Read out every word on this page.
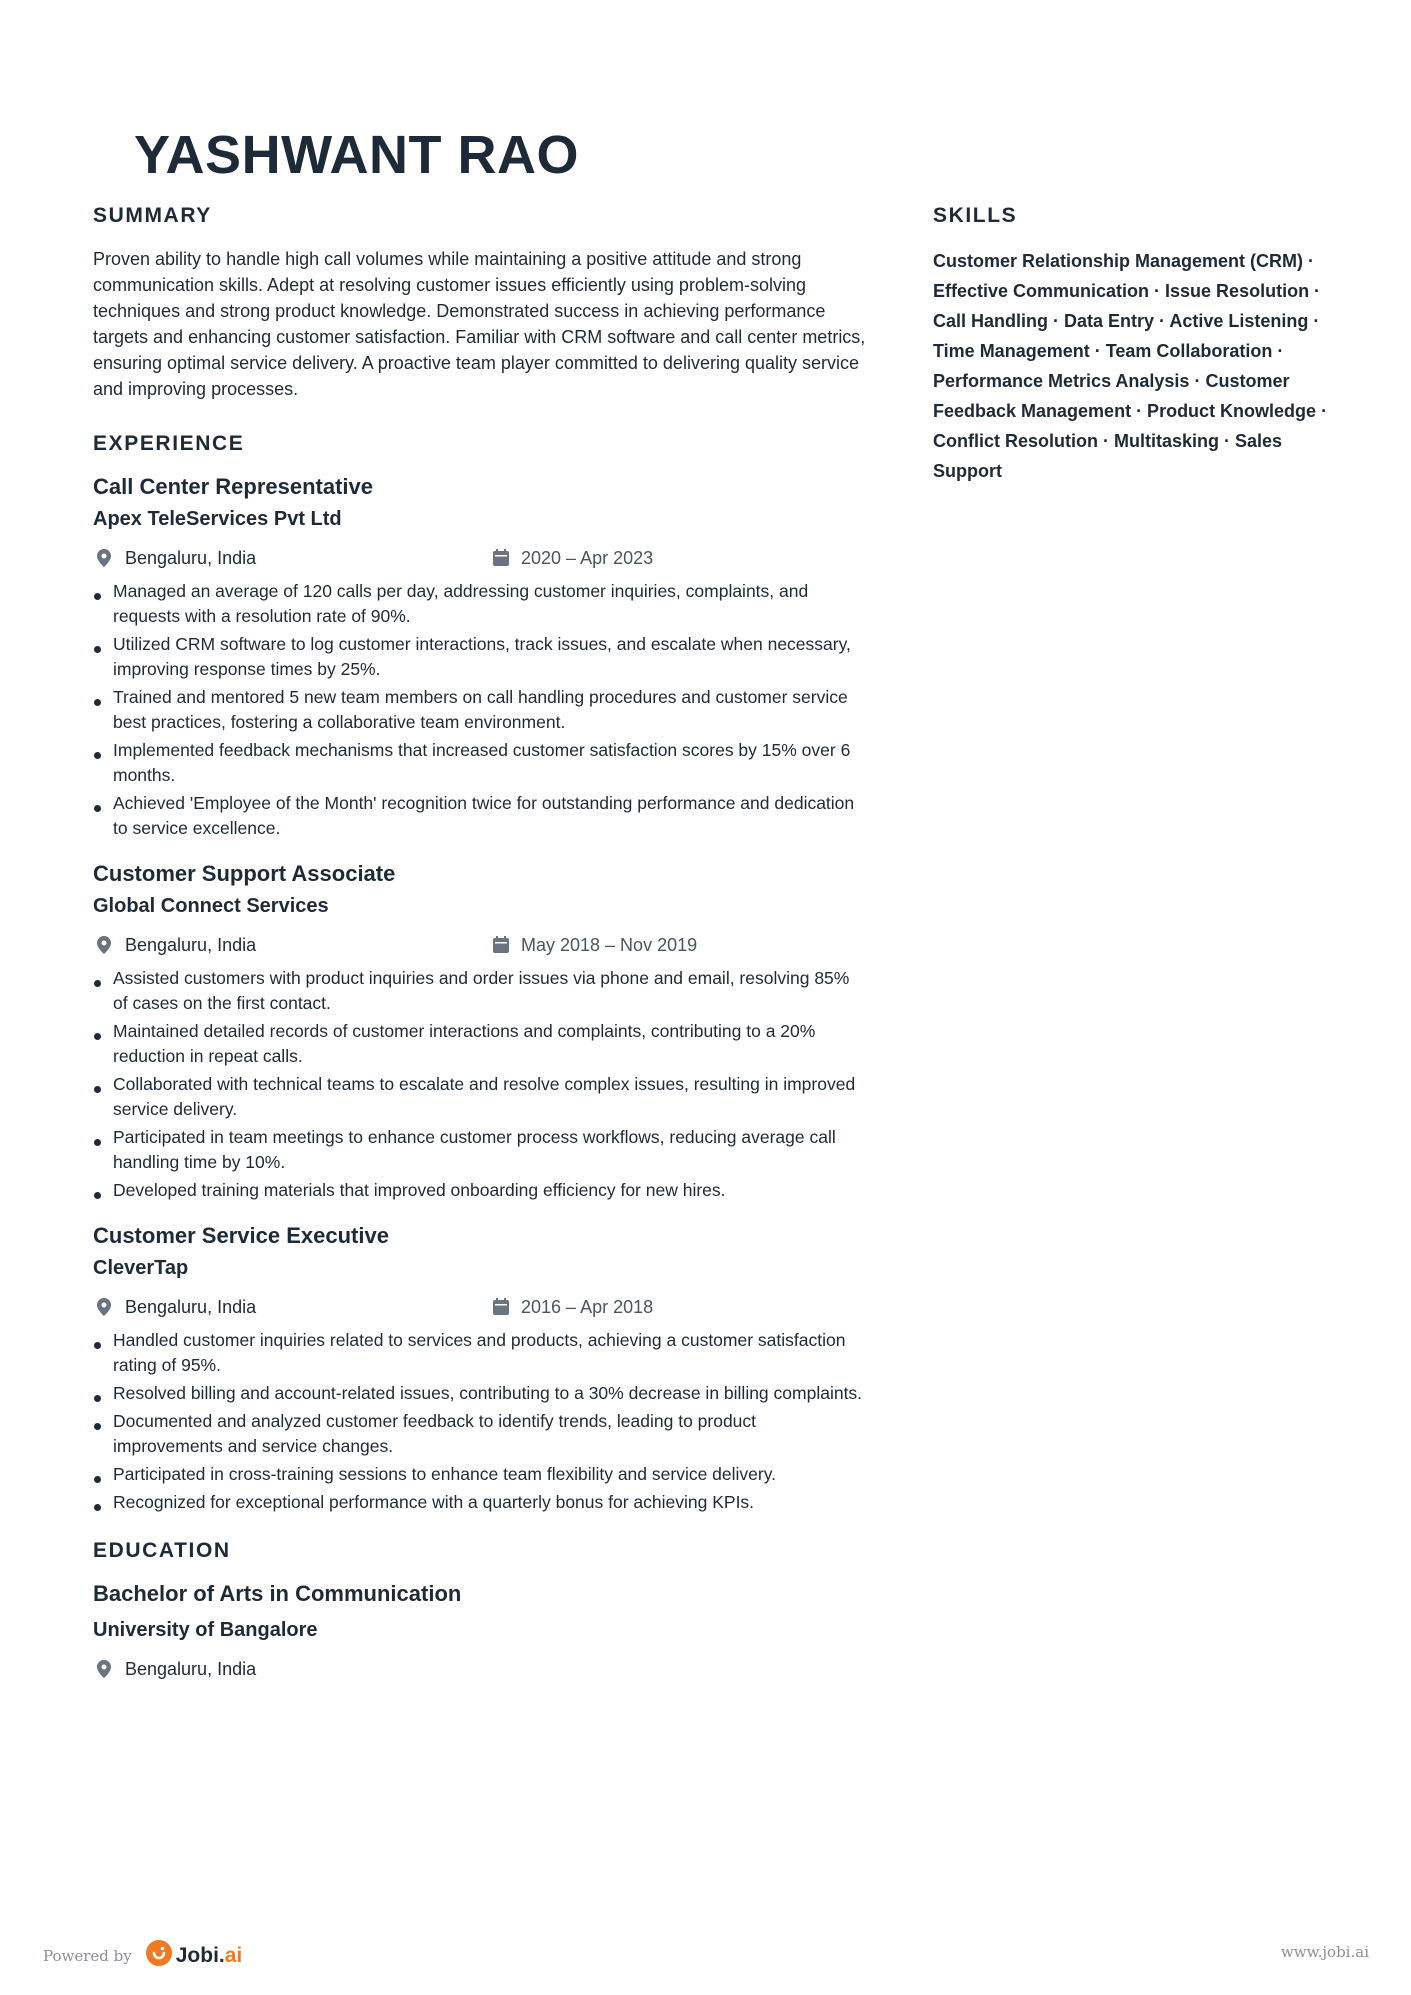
YASHWANT RAO
SUMMARY

Proven ability to handle high call volumes while maintaining a positive attitude and strong communication skills. Adept at resolving customer issues efficiently using problem-solving techniques and strong product knowledge. Demonstrated success in achieving performance targets and enhancing customer satisfaction. Familiar with CRM software and call center metrics, ensuring optimal service delivery. A proactive team player committed to delivering quality service and improving processes.

EXPERIENCE
Call Center Representative
Apex TeleServices Pvt Ltd
Bengaluru, India	2020 – Apr 2023
Managed an average of 120 calls per day, addressing customer inquiries, complaints, and requests with a resolution rate of 90%.
Utilized CRM software to log customer interactions, track issues, and escalate when necessary, improving response times by 25%.
Trained and mentored 5 new team members on call handling procedures and customer service best practices, fostering a collaborative team environment.
Implemented feedback mechanisms that increased customer satisfaction scores by 15% over 6 months.
Achieved 'Employee of the Month' recognition twice for outstanding performance and dedication to service excellence.
Customer Support Associate
Global Connect Services
Bengaluru, India	May 2018 – Nov 2019
Assisted customers with product inquiries and order issues via phone and email, resolving 85% of cases on the first contact.
Maintained detailed records of customer interactions and complaints, contributing to a 20% reduction in repeat calls.
Collaborated with technical teams to escalate and resolve complex issues, resulting in improved service delivery.
Participated in team meetings to enhance customer process workflows, reducing average call handling time by 10%.
Developed training materials that improved onboarding efficiency for new hires.
Customer Service Executive
CleverTap
Bengaluru, India	2016 – Apr 2018
Handled customer inquiries related to services and products, achieving a customer satisfaction rating of 95%.
Resolved billing and account-related issues, contributing to a 30% decrease in billing complaints.
Documented and analyzed customer feedback to identify trends, leading to product improvements and service changes.
Participated in cross-training sessions to enhance team flexibility and service delivery.
Recognized for exceptional performance with a quarterly bonus for achieving KPIs.
EDUCATION
Bachelor of Arts in Communication
University of Bangalore
Bengaluru, India
SKILLS

Customer Relationship Management (CRM) · Effective Communication · Issue Resolution · Call Handling · Data Entry · Active Listening · Time Management · Team Collaboration · Performance Metrics Analysis · Customer Feedback Management · Product Knowledge · Conflict Resolution · Multitasking · Sales Support

Powered by Jobi.ai	www.jobi.ai
